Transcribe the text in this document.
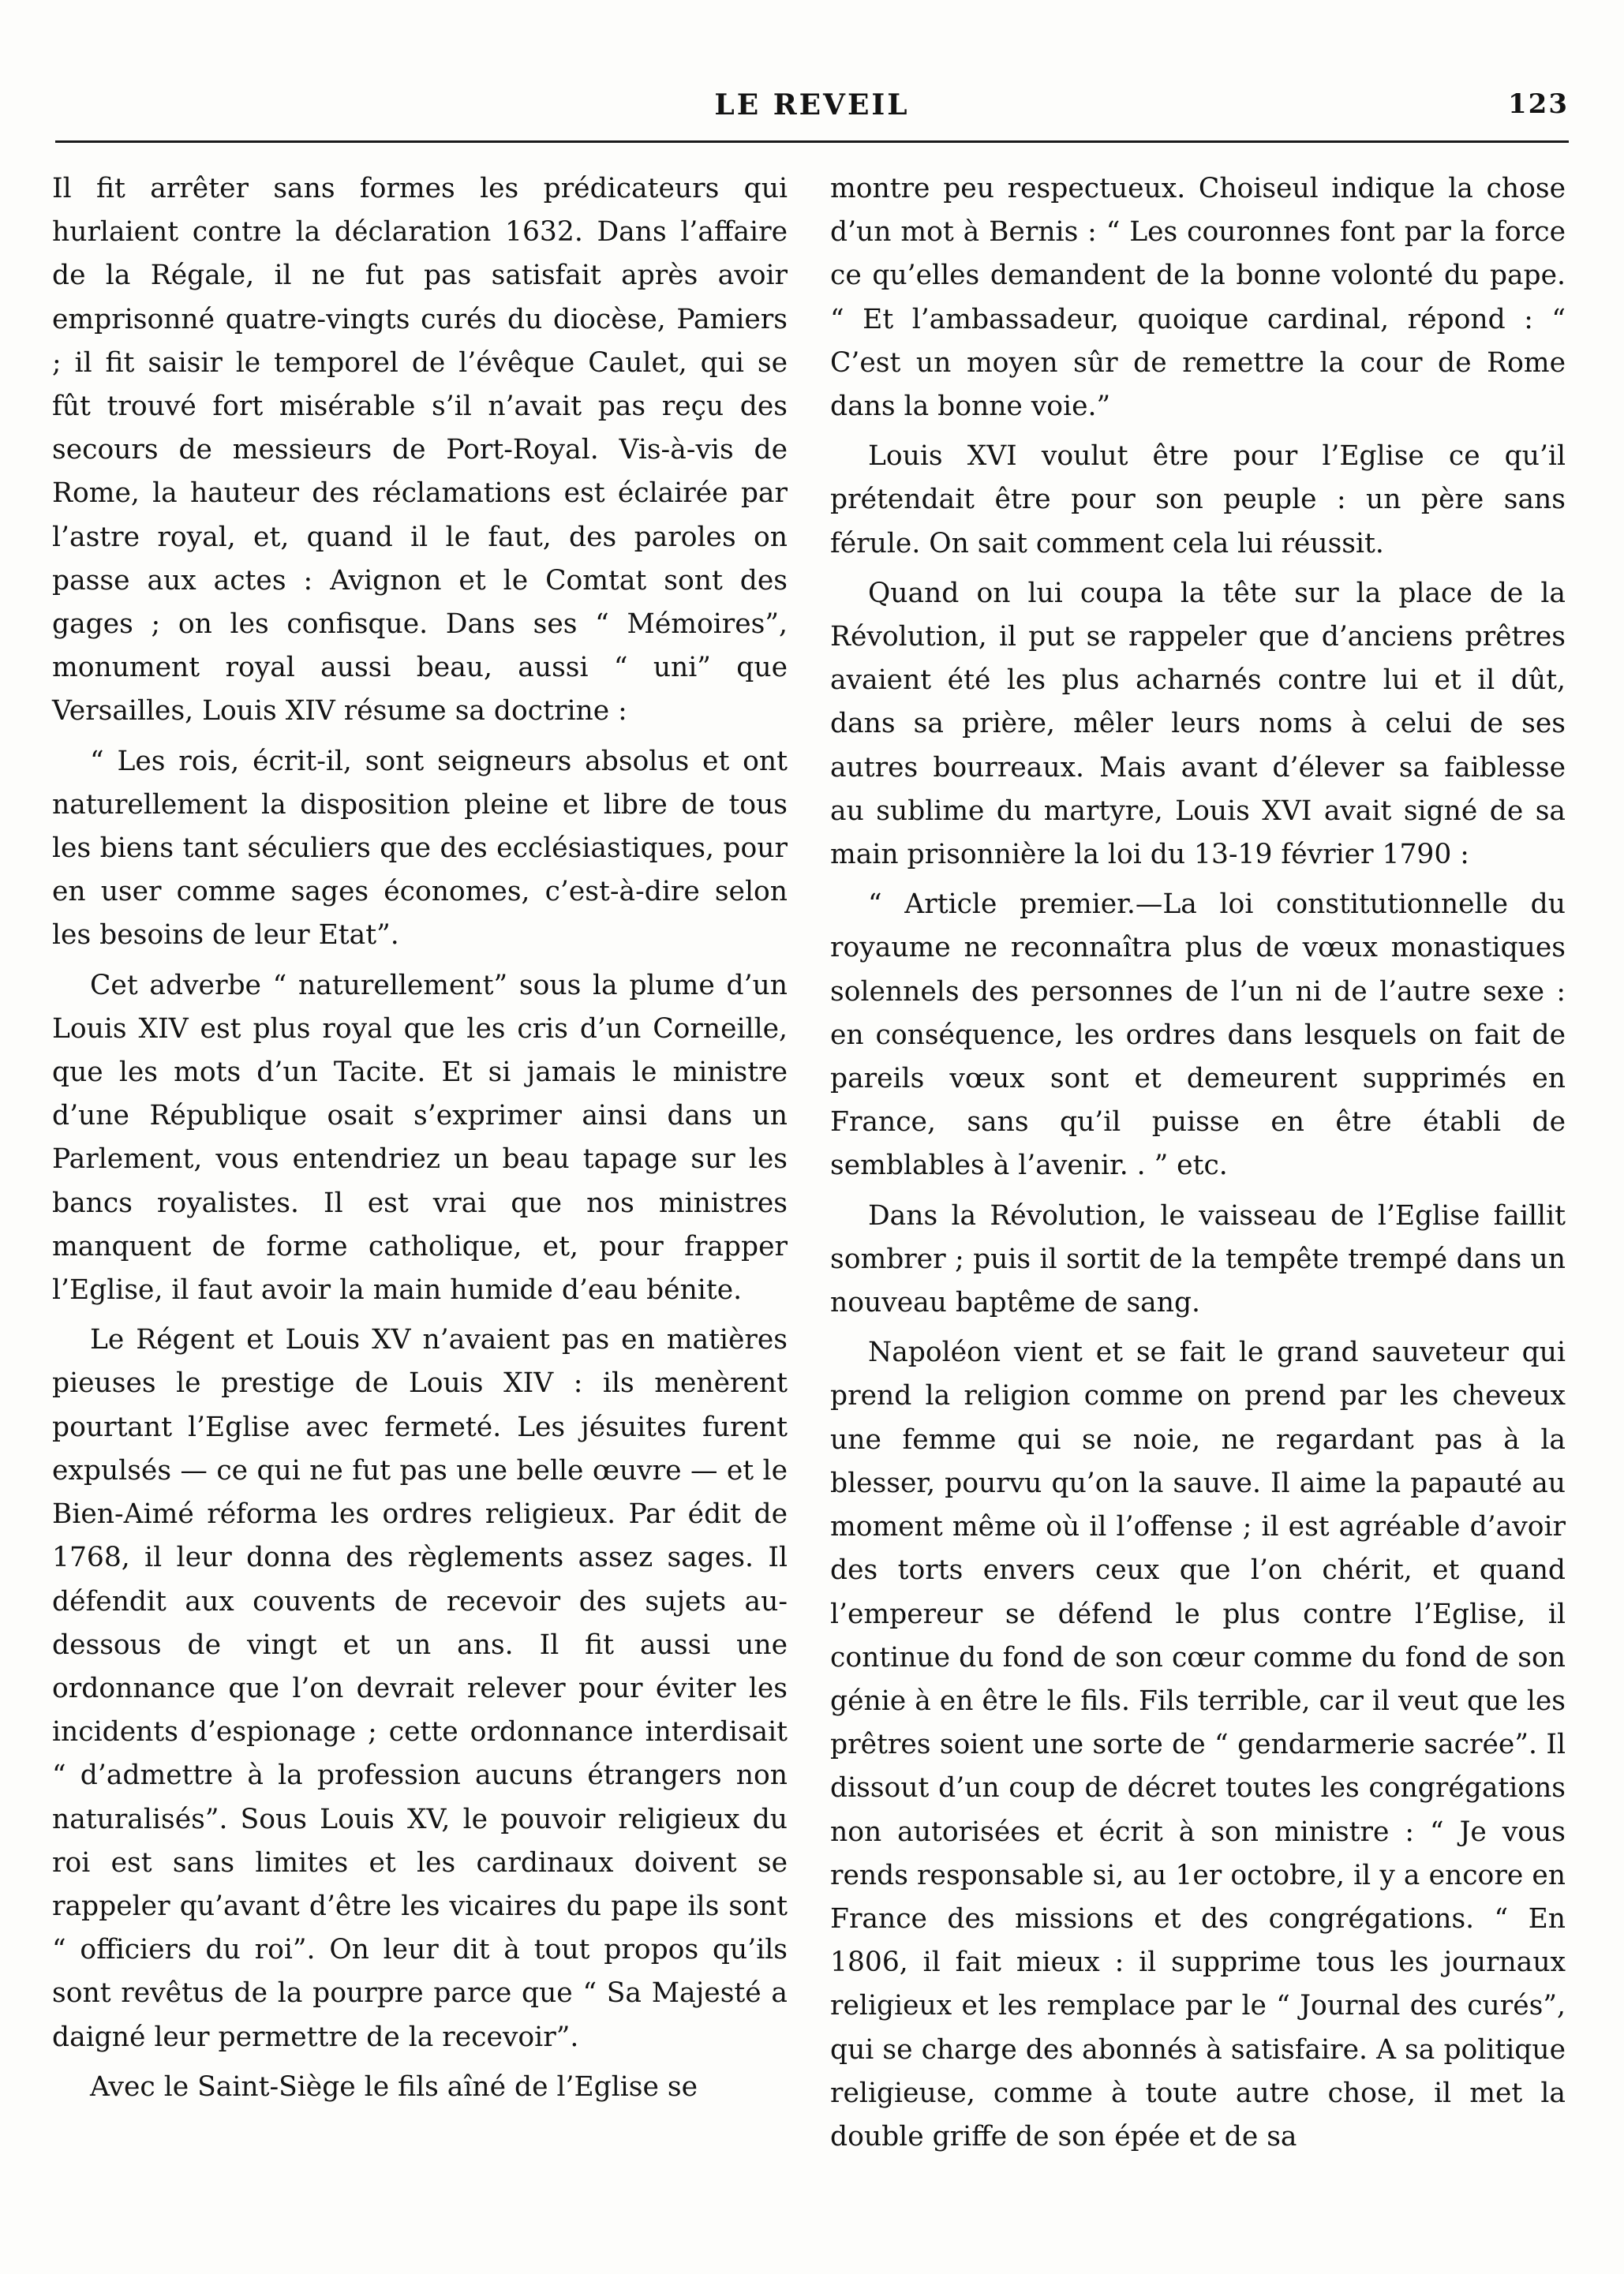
LE REVEIL	123

Il fit arrêter sans formes les prédicateurs qui hurlaient contre la déclaration 1632. Dans l’affaire de la Régale, il ne fut pas satisfait après avoir emprisonné quatre-vingts curés du diocèse, Pamiers ; il fit saisir le temporel de l’évêque Caulet, qui se fût trouvé fort misérable s’il n’avait pas reçu des secours de messieurs de Port-Royal. Vis-à-vis de Rome, la hauteur des réclamations est éclairée par l’astre royal, et, quand il le faut, des paroles on passe aux actes : Avignon et le Comtat sont des gages ; on les confisque. Dans ses “ Mémoires”, monument royal aussi beau, aussi “ uni” que Versailles, Louis XIV résume sa doctrine :

“ Les rois, écrit-il, sont seigneurs absolus et ont naturellement la disposition pleine et libre de tous les biens tant séculiers que des ecclésiastiques, pour en user comme sages économes, c’est-à-dire selon les besoins de leur Etat”.

Cet adverbe “ naturellement” sous la plume d’un Louis XIV est plus royal que les cris d’un Corneille, que les mots d’un Tacite. Et si jamais le ministre d’une République osait s’exprimer ainsi dans un Parlement, vous entendriez un beau tapage sur les bancs royalistes. Il est vrai que nos ministres manquent de forme catholique, et, pour frapper l’Eglise, il faut avoir la main humide d’eau bénite.

Le Régent et Louis XV n’avaient pas en matières pieuses le prestige de Louis XIV : ils menèrent pourtant l’Eglise avec fermeté. Les jésuites furent expulsés — ce qui ne fut pas une belle œuvre — et le Bien-Aimé réforma les ordres religieux. Par édit de 1768, il leur donna des règlements assez sages. Il défendit aux couvents de recevoir des sujets au-dessous de vingt et un ans. Il fit aussi une ordonnance que l’on devrait relever pour éviter les incidents d’espionage ; cette ordonnance interdisait “ d’admettre à la profession aucuns étrangers non naturalisés”. Sous Louis XV, le pouvoir religieux du roi est sans limites et les cardinaux doivent se rappeler qu’avant d’être les vicaires du pape ils sont “ officiers du roi”. On leur dit à tout propos qu’ils sont revêtus de la pourpre parce que “ Sa Majesté a daigné leur permettre de la recevoir”.

Avec le Saint-Siège le fils aîné de l’Eglise se

montre peu respectueux. Choiseul indique la chose d’un mot à Bernis : “ Les couronnes font par la force ce qu’elles demandent de la bonne volonté du pape. “ Et l’ambassadeur, quoique cardinal, répond : “ C’est un moyen sûr de remettre la cour de Rome dans la bonne voie.”

Louis XVI voulut être pour l’Eglise ce qu’il prétendait être pour son peuple : un père sans férule. On sait comment cela lui réussit.

Quand on lui coupa la tête sur la place de la Révolution, il put se rappeler que d’anciens prêtres avaient été les plus acharnés contre lui et il dût, dans sa prière, mêler leurs noms à celui de ses autres bourreaux. Mais avant d’élever sa faiblesse au sublime du martyre, Louis XVI avait signé de sa main prisonnière la loi du 13-19 février 1790 :

“ Article premier.—La loi constitutionnelle du royaume ne reconnaîtra plus de vœux monastiques solennels des personnes de l’un ni de l’autre sexe : en conséquence, les ordres dans lesquels on fait de pareils vœux sont et demeurent supprimés en France, sans qu’il puisse en être établi de semblables à l’avenir. . ” etc.

Dans la Révolution, le vaisseau de l’Eglise faillit sombrer ; puis il sortit de la tempête trempé dans un nouveau baptême de sang.

Napoléon vient et se fait le grand sauveteur qui prend la religion comme on prend par les cheveux une femme qui se noie, ne regardant pas à la blesser, pourvu qu’on la sauve. Il aime la papauté au moment même où il l’offense ; il est agréable d’avoir des torts envers ceux que l’on chérit, et quand l’empereur se défend le plus contre l’Eglise, il continue du fond de son cœur comme du fond de son génie à en être le fils. Fils terrible, car il veut que les prêtres soient une sorte de “ gendarmerie sacrée”. Il dissout d’un coup de décret toutes les congrégations non autorisées et écrit à son ministre : “ Je vous rends responsable si, au 1er octobre, il y a encore en France des missions et des congrégations. “ En 1806, il fait mieux : il supprime tous les journaux religieux et les remplace par le “ Journal des curés”, qui se charge des abonnés à satisfaire. A sa politique religieuse, comme à toute autre chose, il met la double griffe de son épée et de sa
